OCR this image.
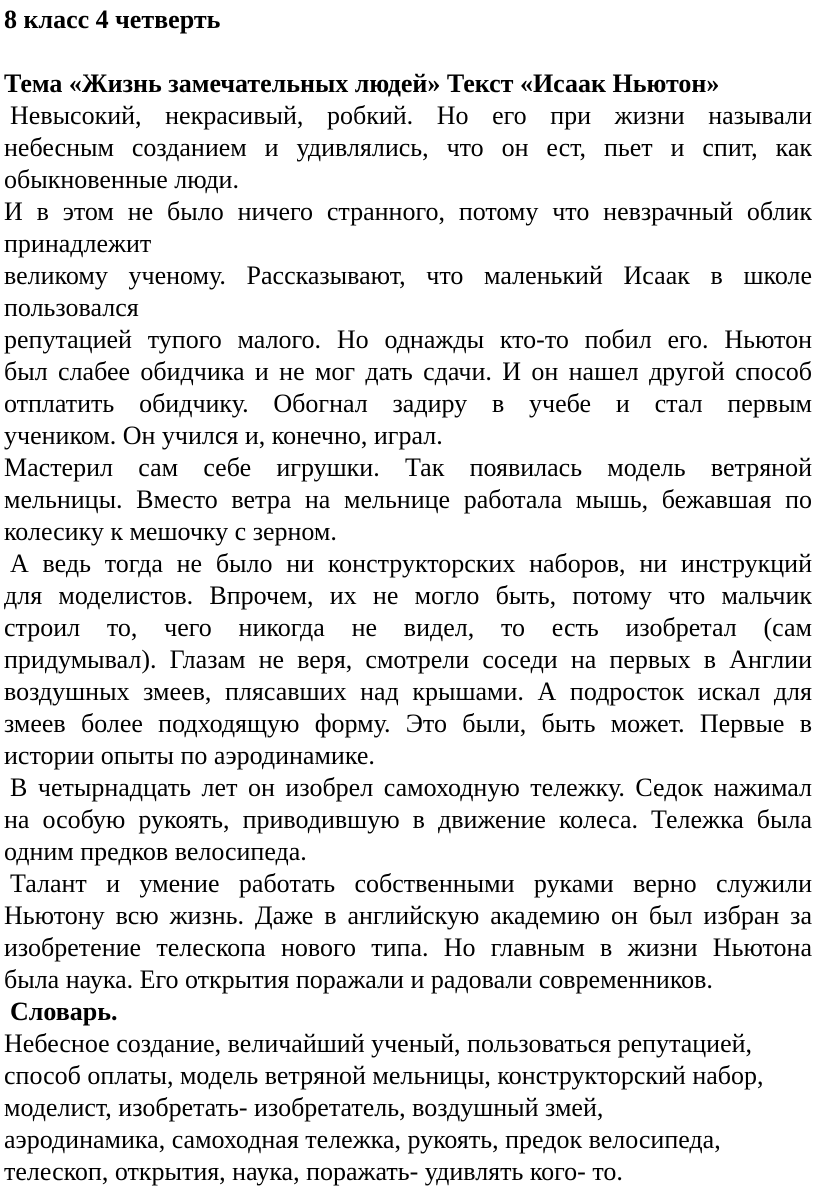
8 класс 4 четверть
Тема «Жизнь замечательных людей» Текст «Исаак Ньютон»
Невысокий, некрасивый, робкий. Но его при жизни называли
небесным созданием и удивлялись, что он ест, пьет и спит, как
обыкновенные люди.
И в этом не было ничего странного, потому что невзрачный облик
принадлежит
великому ученому. Рассказывают, что маленький Исаак в школе
пользовался
репутацией тупого малого. Но однажды кто-то побил его. Ньютон
был слабее обидчика и не мог дать сдачи. И он нашел другой способ
отплатить обидчику. Обогнал задиру в учебе и стал первым
учеником. Он учился и, конечно, играл.
Мастерил сам себе игрушки. Так появилась модель ветряной
мельницы. Вместо ветра на мельнице работала мышь, бежавшая по
колесику к мешочку с зерном.
А ведь тогда не было ни конструкторских наборов, ни инструкций
для моделистов. Впрочем, их не могло быть, потому что мальчик
строил то, чего никогда не видел, то есть изобретал (сам
придумывал). Глазам не веря, смотрели соседи на первых в Англии
воздушных змеев, плясавших над крышами. А подросток искал для
змеев более подходящую форму. Это были, быть может. Первые в
истории опыты по аэродинамике.
В четырнадцать лет он изобрел самоходную тележку. Седок нажимал
на особую рукоять, приводившую в движение колеса. Тележка была
одним предков велосипеда.
Талант и умение работать собственными руками верно служили
Ньютону всю жизнь. Даже в английскую академию он был избран за
изобретение телескопа нового типа. Но главным в жизни Ньютона
была наука. Его открытия поражали и радовали современников.
Словарь.
Небесное создание, величайший ученый, пользоваться репутацией,
способ оплаты, модель ветряной мельницы, конструкторский набор,
моделист, изобретать- изобретатель, воздушный змей,
аэродинамика, самоходная тележка, рукоять, предок велосипеда,
телескоп, открытия, наука, поражать- удивлять кого- то.
